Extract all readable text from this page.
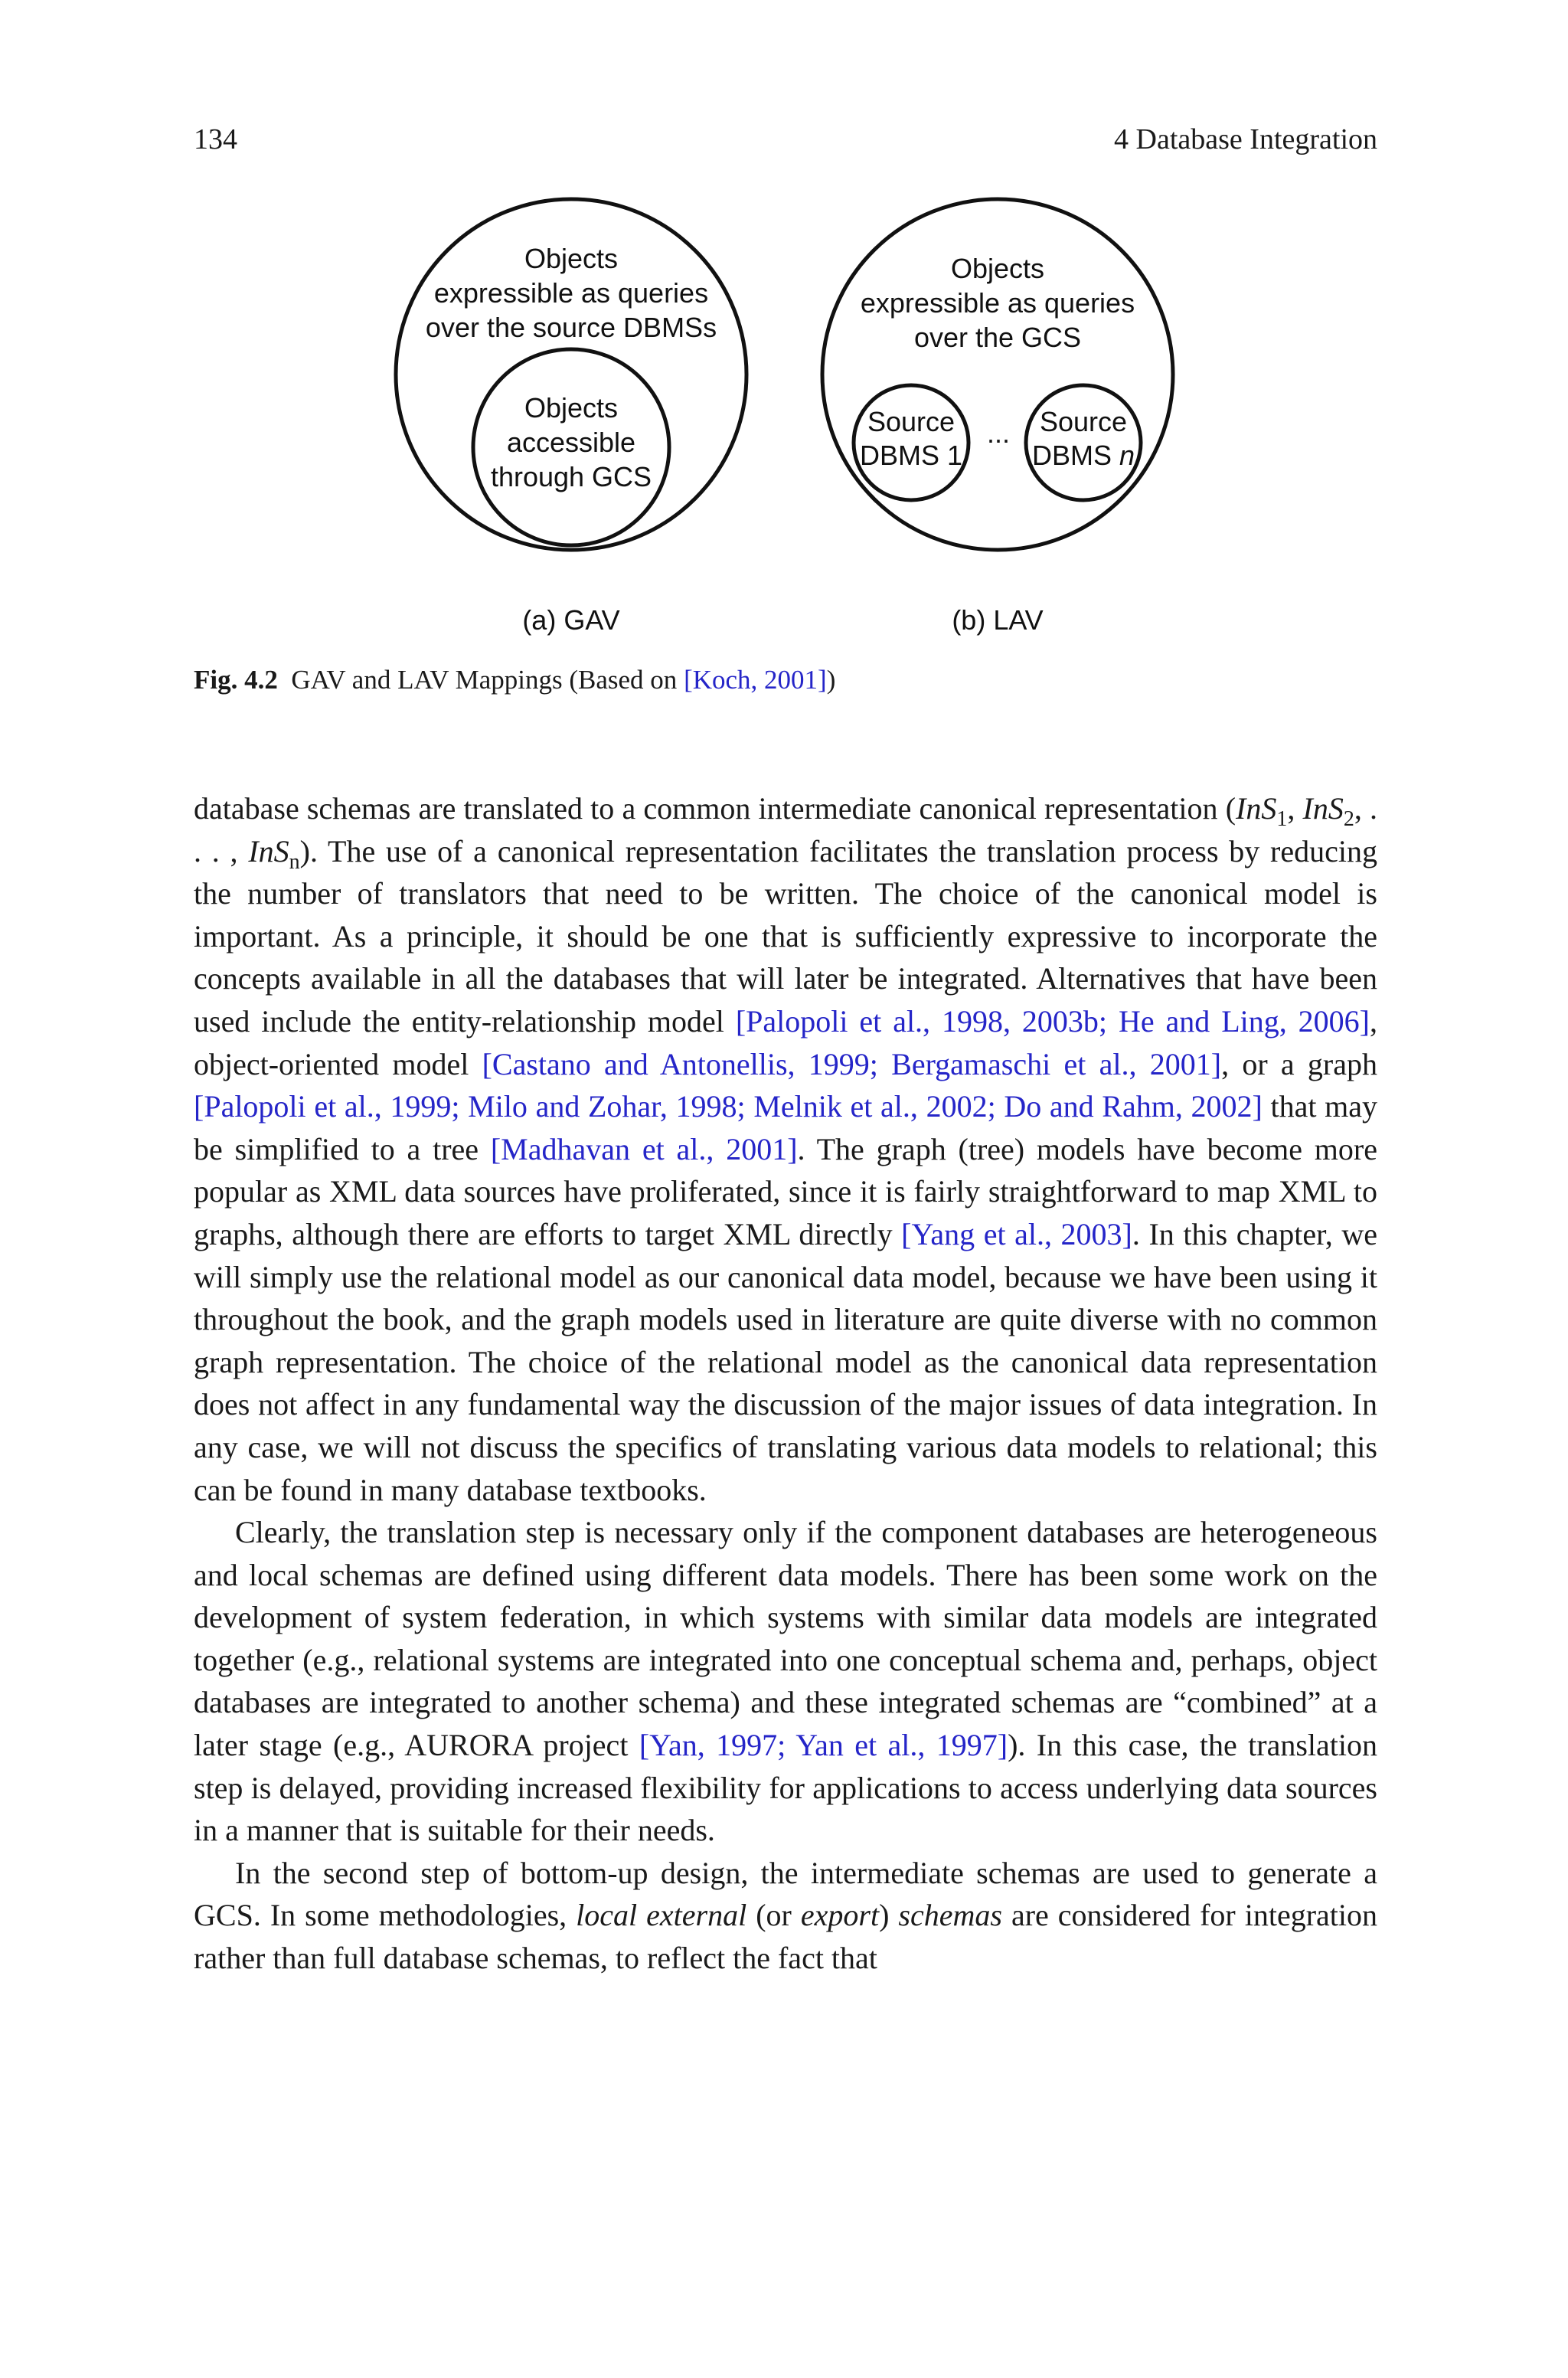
134	4 Database Integration
Objects
expressible as queries
over the source DBMSs
Objects
accessible
through GCS
(a) GAV
Objects
expressible as queries
over the GCS
Source
DBMS 1
... Source
DBMS n
(b) LAV
Fig. 4.2 GAV and LAV Mappings (Based on [Koch, 2001])

database schemas are translated to a common intermediate canonical representation (InS$_1$, InS$_2$, . . . , InS$_n$). The use of a canonical representation facilitates the translation process by reducing the number of translators that need to be written. The choice of the canonical model is important. As a principle, it should be one that is sufficiently expressive to incorporate the concepts available in all the databases that will later be integrated. Alternatives that have been used include the entity-relationship model [Palopoli et al., 1998, 2003b; He and Ling, 2006], object-oriented model [Castano and Antonellis, 1999; Bergamaschi et al., 2001], or a graph [Palopoli et al., 1999; Milo and Zohar, 1998; Melnik et al., 2002; Do and Rahm, 2002] that may be simplified to a tree [Madhavan et al., 2001]. The graph (tree) models have become more popular as XML data sources have proliferated, since it is fairly straightforward to map XML to graphs, although there are efforts to target XML directly [Yang et al., 2003]. In this chapter, we will simply use the relational model as our canonical data model, because we have been using it throughout the book, and the graph models used in literature are quite diverse with no common graph representation. The choice of the relational model as the canonical data representation does not affect in any fundamental way the discussion of the major issues of data integration. In any case, we will not discuss the specifics of translating various data models to relational; this can be found in many database textbooks.

Clearly, the translation step is necessary only if the component databases are heterogeneous and local schemas are defined using different data models. There has been some work on the development of system federation, in which systems with similar data models are integrated together (e.g., relational systems are integrated into one conceptual schema and, perhaps, object databases are integrated to another schema) and these integrated schemas are “combined” at a later stage (e.g., AURORA project [Yan, 1997; Yan et al., 1997]). In this case, the translation step is delayed, providing increased flexibility for applications to access underlying data sources in a manner that is suitable for their needs.

In the second step of bottom-up design, the intermediate schemas are used to generate a GCS. In some methodologies, local external (or export) schemas are considered for integration rather than full database schemas, to reflect the fact that
